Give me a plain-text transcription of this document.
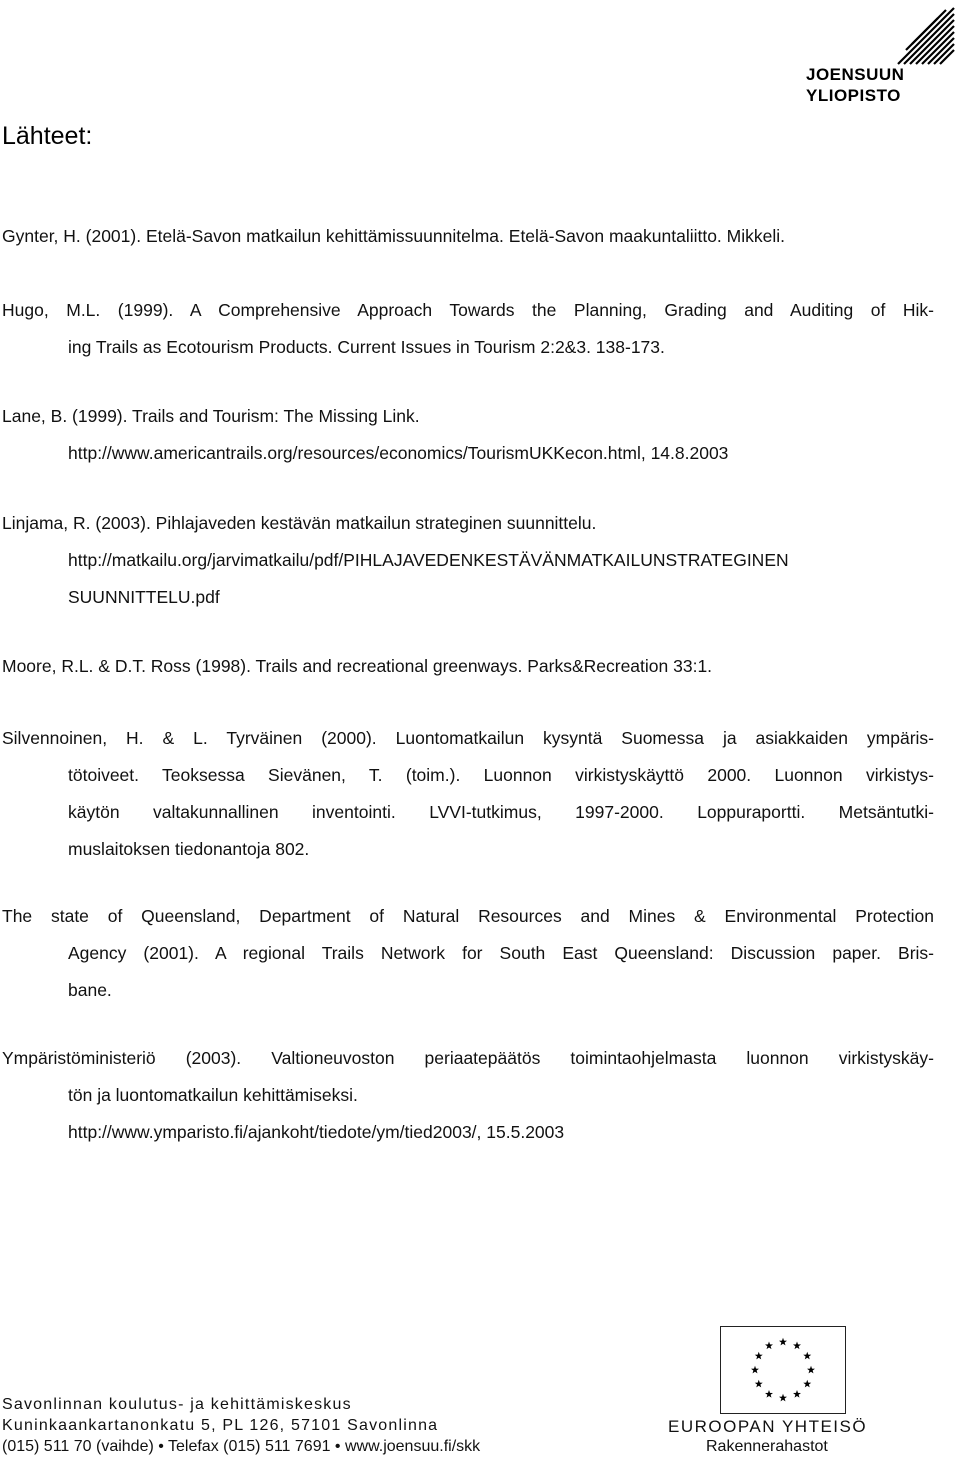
JOENSUUN
YLIOPISTO
Lähteet:
Gynter, H. (2001). Etelä-Savon matkailun kehittämissuunnitelma. Etelä-Savon maakuntaliitto. Mikkeli.
Hugo, M.L. (1999). A Comprehensive Approach Towards the Planning, Grading and Auditing of Hik-
ing Trails as Ecotourism Products. Current Issues in Tourism 2:2&3. 138-173.
Lane, B. (1999). Trails and Tourism: The Missing Link.
http://www.americantrails.org/resources/economics/TourismUKKecon.html, 14.8.2003
Linjama, R. (2003). Pihlajaveden kestävän matkailun strateginen suunnittelu.
http://matkailu.org/jarvimatkailu/pdf/PIHLAJAVEDENKESTÄVÄNMATKAILUNSTRATEGINEN
SUUNNITTELU.pdf
Moore, R.L. & D.T. Ross (1998). Trails and recreational greenways. Parks&Recreation 33:1.
Silvennoinen, H. & L. Tyrväinen (2000). Luontomatkailun kysyntä Suomessa ja asiakkaiden ympäris-
tötoiveet. Teoksessa Sievänen, T. (toim.). Luonnon virkistyskäyttö 2000. Luonnon virkistys-
käytön valtakunnallinen inventointi. LVVI-tutkimus, 1997-2000. Loppuraportti. Metsäntutki-
muslaitoksen tiedonantoja 802.
The state of Queensland, Department of Natural Resources and Mines & Environmental Protection
Agency (2001). A regional Trails Network for South East Queensland: Discussion paper. Bris-
bane.
Ympäristöministeriö (2003). Valtioneuvoston periaatepäätös toimintaohjelmasta luonnon virkistyskäy-
tön ja luontomatkailun kehittämiseksi.
http://www.ymparisto.fi/ajankoht/tiedote/ym/tied2003/, 15.5.2003
Savonlinnan koulutus- ja kehittämiskeskus
Kuninkaankartanonkatu 5, PL 126, 57101 Savonlinna
(015) 511 70 (vaihde) • Telefax (015) 511 7691 • www.joensuu.fi/skk
EUROOPAN YHTEISÖ
Rakennerahastot
